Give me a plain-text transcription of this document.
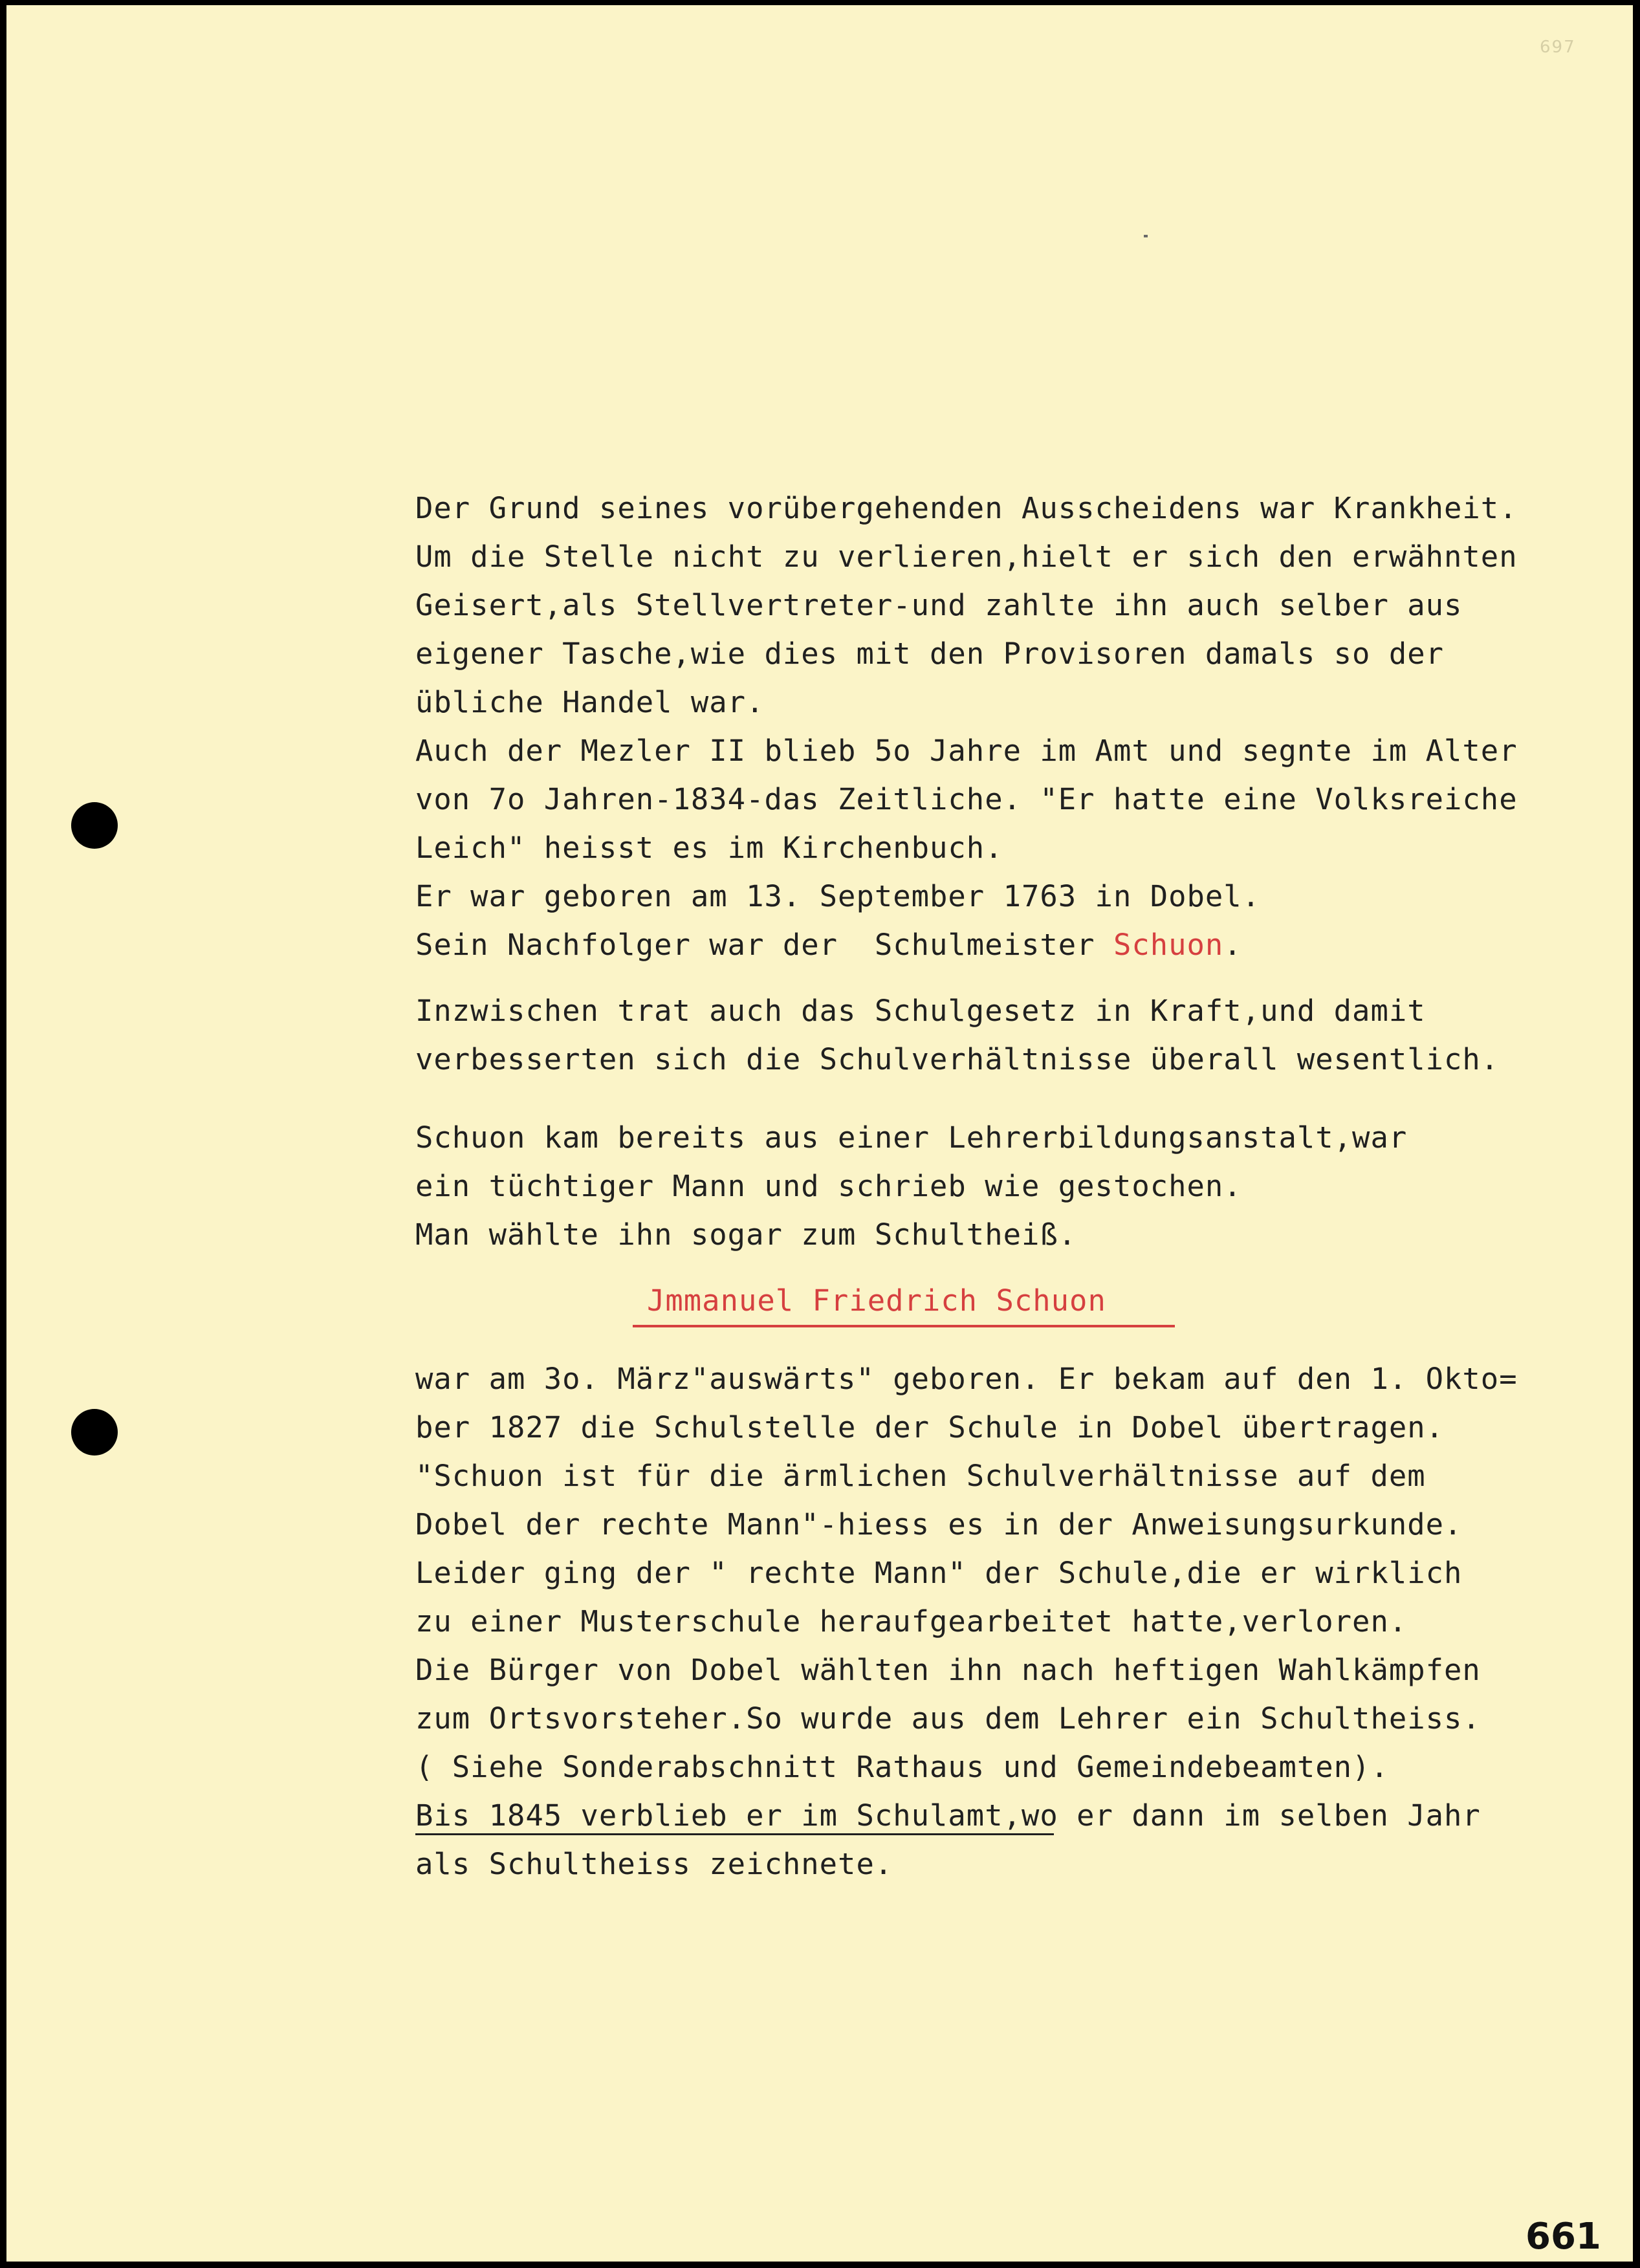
697

Der Grund seines vorübergehenden Ausscheidens war Krankheit.

Um die Stelle nicht zu verlieren,hielt er sich den erwähnten

Geisert,als Stellvertreter-und zahlte ihn auch selber aus

eigener Tasche,wie dies mit den Provisoren damals so der

übliche Handel war.

Auch der Mezler II blieb 5o Jahre im Amt und segnte im Alter

von 7o Jahren-1834-das Zeitliche. "Er hatte eine Volksreiche

Leich" heisst es im Kirchenbuch.

Er war geboren am 13. September 1763 in Dobel.

Sein Nachfolger war der  Schulmeister Schuon.

Inzwischen trat auch das Schulgesetz in Kraft,und damit

verbesserten sich die Schulverhältnisse überall wesentlich.

Schuon kam bereits aus einer Lehrerbildungsanstalt,war

ein tüchtiger Mann und schrieb wie gestochen.

Man wählte ihn sogar zum Schultheiß.

Jmmanuel Friedrich Schuon

war am 3o. März"auswärts" geboren. Er bekam auf den 1. Okto=

ber 1827 die Schulstelle der Schule in Dobel übertragen.

"Schuon ist für die ärmlichen Schulverhältnisse auf dem

Dobel der rechte Mann"-hiess es in der Anweisungsurkunde.

Leider ging der " rechte Mann" der Schule,die er wirklich

zu einer Musterschule heraufgearbeitet hatte,verloren.

Die Bürger von Dobel wählten ihn nach heftigen Wahlkämpfen

zum Ortsvorsteher.So wurde aus dem Lehrer ein Schultheiss.

( Siehe Sonderabschnitt Rathaus und Gemeindebeamten).

Bis 1845 verblieb er im Schulamt,wo er dann im selben Jahr

als Schultheiss zeichnete.

661
